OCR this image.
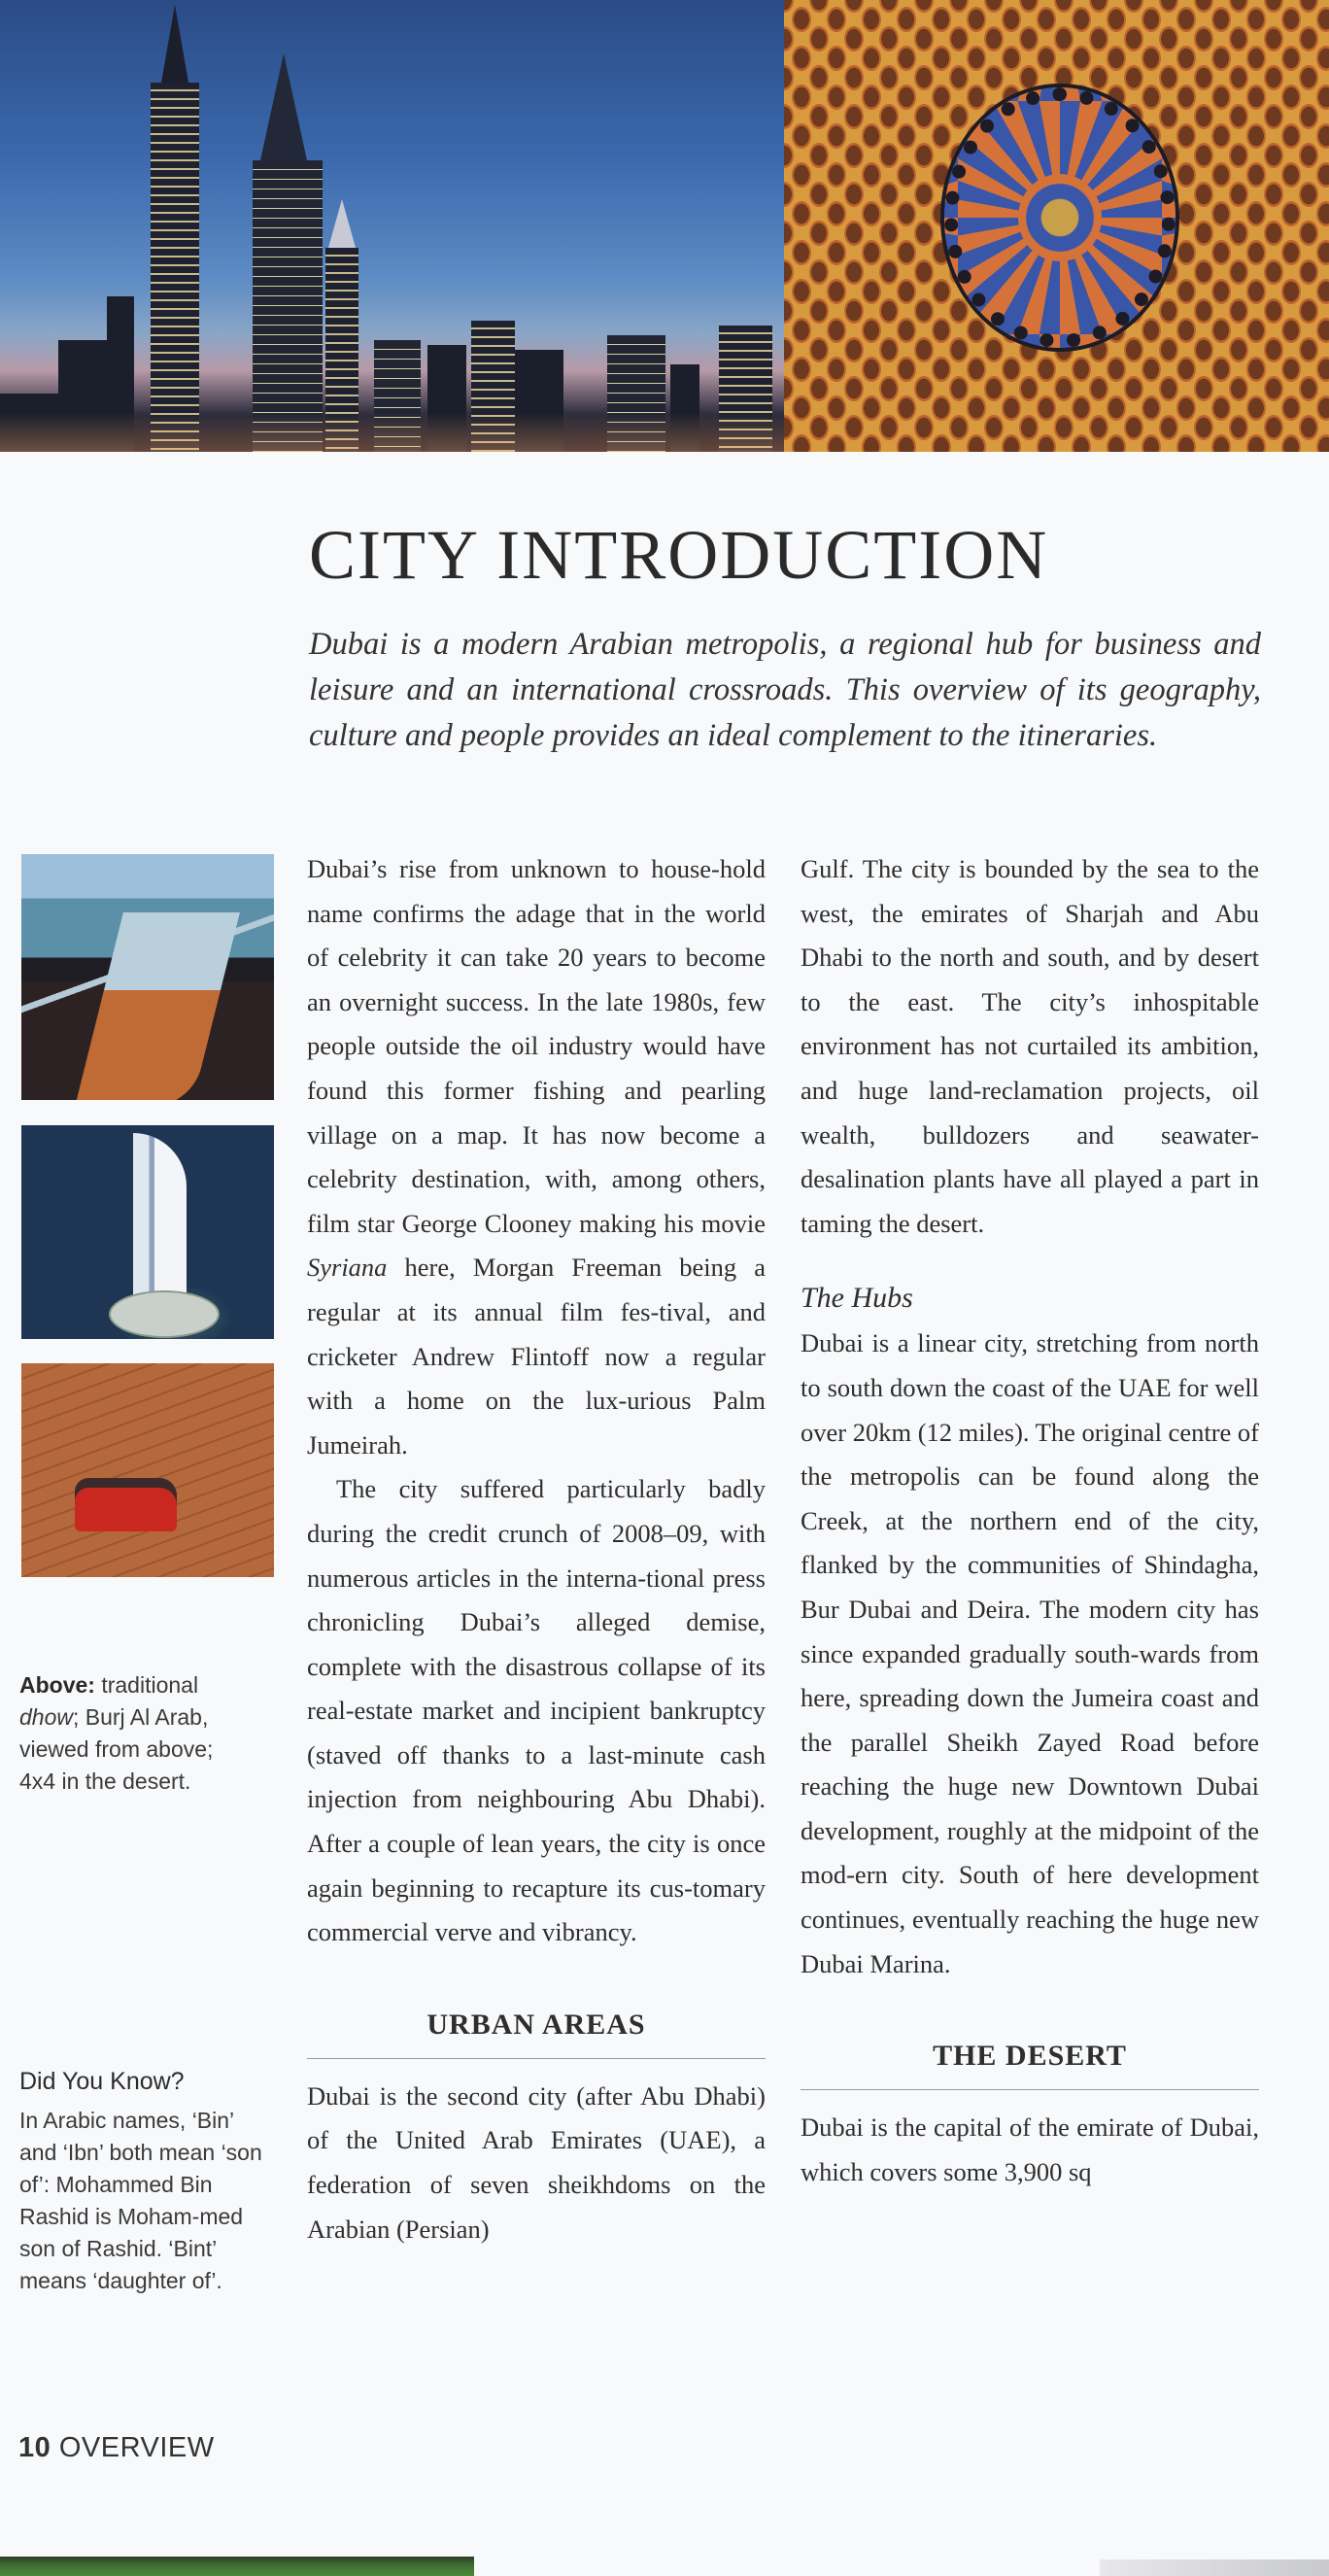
CITY INTRODUCTION

Dubai is a modern Arabian metropolis, a regional hub for business and leisure and an international crossroads. This overview of its geography, culture and people provides an ideal complement to the itineraries.

Above: traditional dhow; Burj Al Arab, viewed from above; 4x4 in the desert.

Did You Know?

In Arabic names, ‘Bin’ and ‘Ibn’ both mean ‘son of’: Mohammed Bin Rashid is Moham-med son of Rashid. ‘Bint’ means ‘daughter of’.

Dubai’s rise from unknown to house-hold name confirms the adage that in the world of celebrity it can take 20 years to become an overnight success. In the late 1980s, few people outside the oil industry would have found this former fishing and pearling village on a map. It has now become a celebrity destination, with, among others, film star George Clooney making his movie Syriana here, Morgan Freeman being a regular at its annual film fes-tival, and cricketer Andrew Flintoff now a regular with a home on the lux-urious Palm Jumeirah.

The city suffered particularly badly during the credit crunch of 2008–09, with numerous articles in the interna-tional press chronicling Dubai’s alleged demise, complete with the disastrous collapse of its real-estate market and incipient bankruptcy (staved off thanks to a last-minute cash injection from neighbouring Abu Dhabi). After a couple of lean years, the city is once again beginning to recapture its cus-tomary commercial verve and vibrancy.

URBAN AREAS

Dubai is the second city (after Abu Dhabi) of the United Arab Emirates (UAE), a federation of seven sheikhdoms on the Arabian (Persian)

Gulf. The city is bounded by the sea to the west, the emirates of Sharjah and Abu Dhabi to the north and south, and by desert to the east. The city’s inhospitable environment has not curtailed its ambition, and huge land-reclamation projects, oil wealth, bulldozers and seawater-desalination plants have all played a part in taming the desert.

The Hubs

Dubai is a linear city, stretching from north to south down the coast of the UAE for well over 20km (12 miles). The original centre of the metropolis can be found along the Creek, at the northern end of the city, flanked by the communities of Shindagha, Bur Dubai and Deira. The modern city has since expanded gradually south-wards from here, spreading down the Jumeira coast and the parallel Sheikh Zayed Road before reaching the huge new Downtown Dubai development, roughly at the midpoint of the mod-ern city. South of here development continues, eventually reaching the huge new Dubai Marina.

THE DESERT

Dubai is the capital of the emirate of Dubai, which covers some 3,900 sq

10 OVERVIEW
